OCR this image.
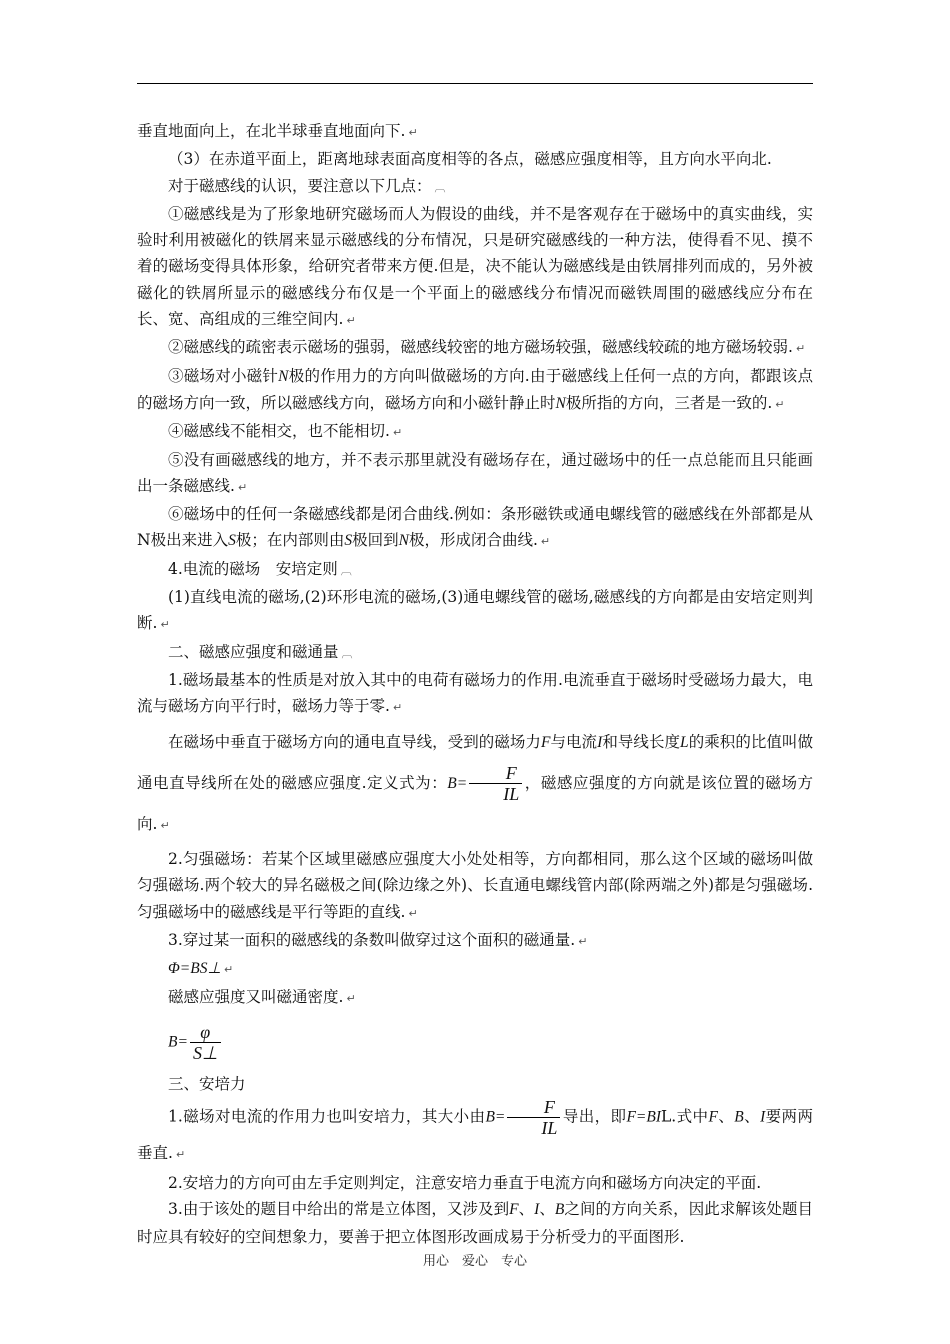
垂直地面向上，在北半球垂直地面向下. ↵
（3）在赤道平面上，距离地球表面高度相等的各点，磁感应强度相等，且方向水平向北.
对于磁感线的认识，要注意以下几点： ︹
①磁感线是为了形象地研究磁场而人为假设的曲线，并不是客观存在于磁场中的真实曲线，实验时利用被磁化的铁屑来显示磁感线的分布情况，只是研究磁感线的一种方法，使得看不见、摸不着的磁场变得具体形象，给研究者带来方便.但是，决不能认为磁感线是由铁屑排列而成的，另外被磁化的铁屑所显示的磁感线分布仅是一个平面上的磁感线分布情况而磁铁周围的磁感线应分布在长、宽、高组成的三维空间内. ↵
②磁感线的疏密表示磁场的强弱，磁感线较密的地方磁场较强，磁感线较疏的地方磁场较弱. ↵
③磁场对小磁针N极的作用力的方向叫做磁场的方向.由于磁感线上任何一点的方向，都跟该点的磁场方向一致，所以磁感线方向，磁场方向和小磁针静止时N极所指的方向，三者是一致的. ↵
④磁感线不能相交，也不能相切. ↵
⑤没有画磁感线的地方，并不表示那里就没有磁场存在，通过磁场中的任一点总能而且只能画出一条磁感线. ↵
⑥磁场中的任何一条磁感线都是闭合曲线.例如：条形磁铁或通电螺线管的磁感线在外部都是从N极出来进入S极；在内部则由S极回到N极，形成闭合曲线. ↵
4.电流的磁场　安培定则 ︹
(1)直线电流的磁场,(2)环形电流的磁场,(3)通电螺线管的磁场,磁感线的方向都是由安培定则判断. ↵
二、磁感应强度和磁通量 ︹
1.磁场最基本的性质是对放入其中的电荷有磁场力的作用.电流垂直于磁场时受磁场力最大，电流与磁场方向平行时，磁场力等于零. ↵
在磁场中垂直于磁场方向的通电直导线，受到的磁场力F与电流I和导线长度L的乘积的比值叫做通电直导线所在处的磁感应强度.定义式为：$B= \frac{F}{IL}$ ，磁感应强度的方向就是该位置的磁场方向. ↵
2.匀强磁场：若某个区域里磁感应强度大小处处相等，方向都相同，那么这个区域的磁场叫做匀强磁场.两个较大的异名磁极之间(除边缘之外)、长直通电螺线管内部(除两端之外)都是匀强磁场.匀强磁场中的磁感线是平行等距的直线. ↵
3.穿过某一面积的磁感线的条数叫做穿过这个面积的磁通量. ↵
Φ=BS⊥ ↵
磁感应强度又叫磁通密度. ↵
$B= \frac{\varphi}{S\perp}$
三、安培力
1.磁场对电流的作用力也叫安培力，其大小由$B= \frac{F}{IL}$ 导出，即F=BIL.式中F、B、I要两两垂直. ↵
2.安培力的方向可由左手定则判定，注意安培力垂直于电流方向和磁场方向决定的平面.
3.由于该处的题目中给出的常是立体图，又涉及到F、I、B之间的方向关系，因此求解该处题目时应具有较好的空间想象力，要善于把立体图形改画成易于分析受力的平面图形.
用心　爱心　专心
